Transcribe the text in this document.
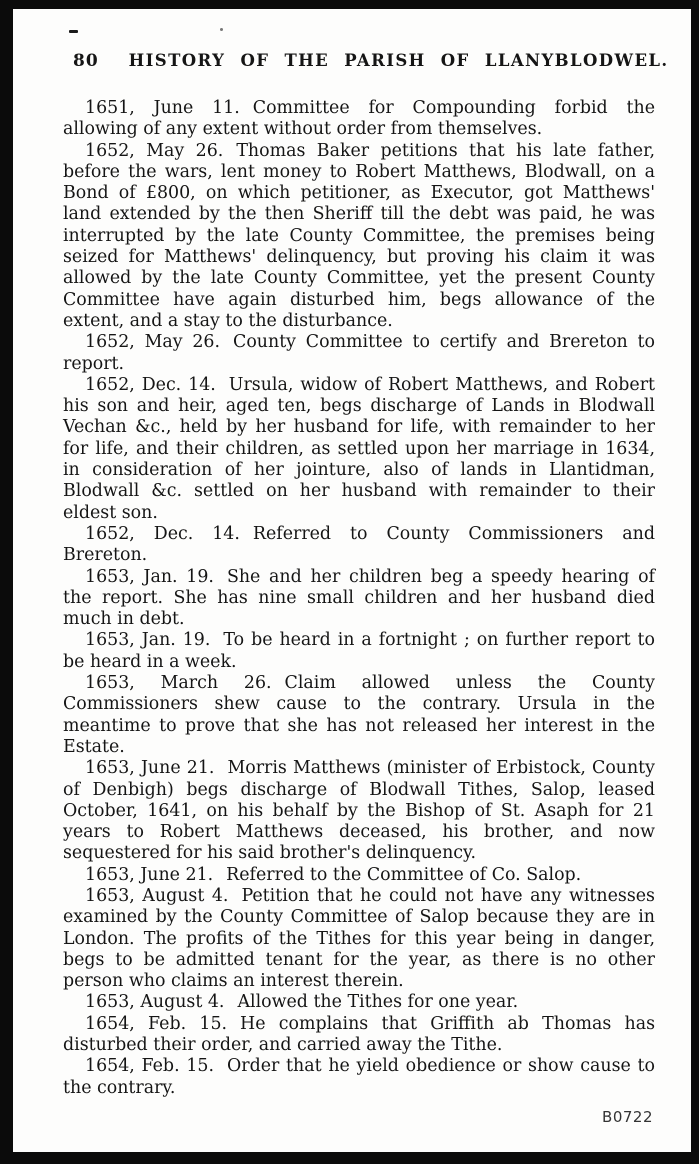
80 HISTORY OF THE PARISH OF LLANYBLODWEL.

1651, June 11. Committee for Compounding forbid the allowing of any extent without order from themselves.

1652, May 26. Thomas Baker petitions that his late father, before the wars, lent money to Robert Matthews, Blodwall, on a Bond of £800, on which petitioner, as Executor, got Matthews' land extended by the then Sheriff till the debt was paid, he was interrupted by the late County Committee, the premises being seized for Matthews' delinquency, but proving his claim it was allowed by the late County Committee, yet the present County Committee have again disturbed him, begs allowance of the extent, and a stay to the disturbance.

1652, May 26. County Committee to certify and Brereton to report.

1652, Dec. 14. Ursula, widow of Robert Matthews, and Robert his son and heir, aged ten, begs discharge of Lands in Blodwall Vechan &c., held by her husband for life, with remainder to her for life, and their children, as settled upon her marriage in 1634, in consideration of her jointure, also of lands in Llantidman, Blodwall &c. settled on her husband with remainder to their eldest son.

1652, Dec. 14. Referred to County Commissioners and Brereton.

1653, Jan. 19. She and her children beg a speedy hearing of the report. She has nine small children and her husband died much in debt.

1653, Jan. 19. To be heard in a fortnight ; on further report to be heard in a week.

1653, March 26. Claim allowed unless the County Commissioners shew cause to the contrary. Ursula in the meantime to prove that she has not released her interest in the Estate.

1653, June 21. Morris Matthews (minister of Erbistock, County of Denbigh) begs discharge of Blodwall Tithes, Salop, leased October, 1641, on his behalf by the Bishop of St. Asaph for 21 years to Robert Matthews deceased, his brother, and now sequestered for his said brother's delinquency.

1653, June 21. Referred to the Committee of Co. Salop.

1653, August 4. Petition that he could not have any witnesses examined by the County Committee of Salop because they are in London. The profits of the Tithes for this year being in danger, begs to be admitted tenant for the year, as there is no other person who claims an interest therein.

1653, August 4. Allowed the Tithes for one year.

1654, Feb. 15. He complains that Griffith ab Thomas has disturbed their order, and carried away the Tithe.

1654, Feb. 15. Order that he yield obedience or show cause to the contrary.

B0722
